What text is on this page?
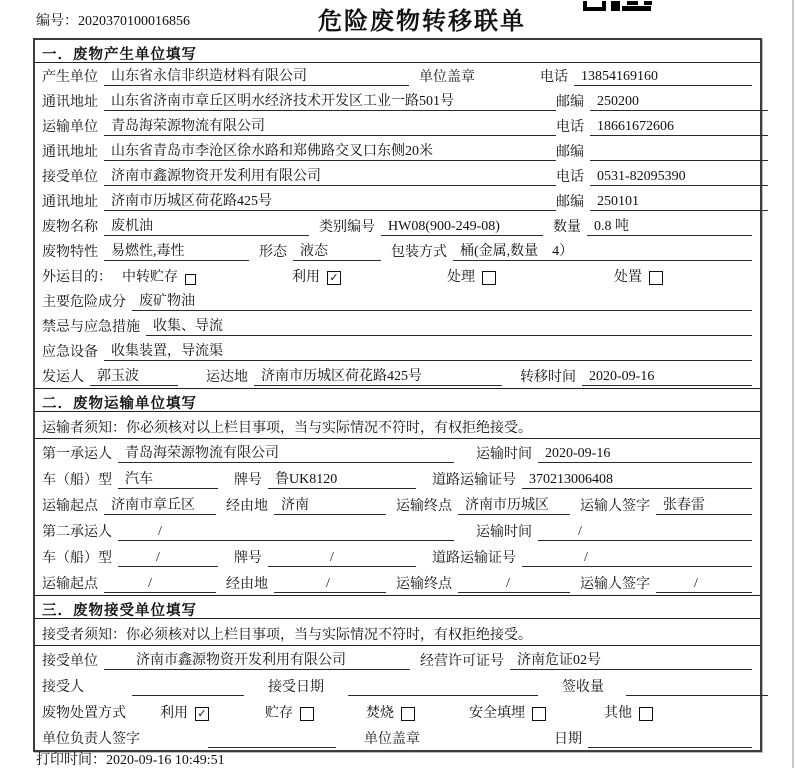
编号：2020370100016856	危险废物转移联单
一．废物产生单位填写
产生单位 山东省永信非织造材料有限公司	单位盖章	电话 13854169160
通讯地址 山东省济南市章丘区明水经济技术开发区工业一路501号	邮编 250200
运输单位 青岛海荣源物流有限公司	电话 18661672606
通讯地址 山东省青岛市李沧区徐水路和郑佛路交叉口东侧20米	邮编
接受单位 济南市鑫源物资开发利用有限公司	电话 0531-82095390
通讯地址 济南市历城区荷花路425号	邮编 250101
废物名称 废机油	类别编号 HW08(900-249-08)	数量 0.8 吨
废物特性 易燃性,毒性	形态 液态	包装方式 桶(金属,数量　4）
外运目的： 中转贮存	利用 ✓	处理	处置
主要危险成分 废矿物油
禁忌与应急措施 收集、导流
应急设备 收集装置，导流渠
发运人 郭玉波	运达地 济南市历城区荷花路425号	转移时间 2020-09-16
二．废物运输单位填写
运输者须知：你必须核对以上栏目事项，当与实际情况不符时，有权拒绝接受。
第一承运人 青岛海荣源物流有限公司	运输时间 2020-09-16
车（船）型 汽车	牌号 鲁UK8120	道路运输证号 370213006408
运输起点 济南市章丘区	经由地 济南	运输终点 济南市历城区	运输人签字 张春雷
第二承运人	/	运输时间	/
车（船）型	/	牌号	/	道路运输证号	/
运输起点	/	经由地	/	运输终点	/	运输人签字	/
三．废物接受单位填写
接受者须知：你必须核对以上栏目事项，当与实际情况不符时，有权拒绝接受。
接受单位	济南市鑫源物资开发利用有限公司	经营许可证号 济南危证02号
接受人	接受日期	签收量
废物处置方式 利用 ✓	贮存	焚烧	安全填埋	其他
单位负责人签字	单位盖章	日期
打印时间：2020-09-16 10:49:51
